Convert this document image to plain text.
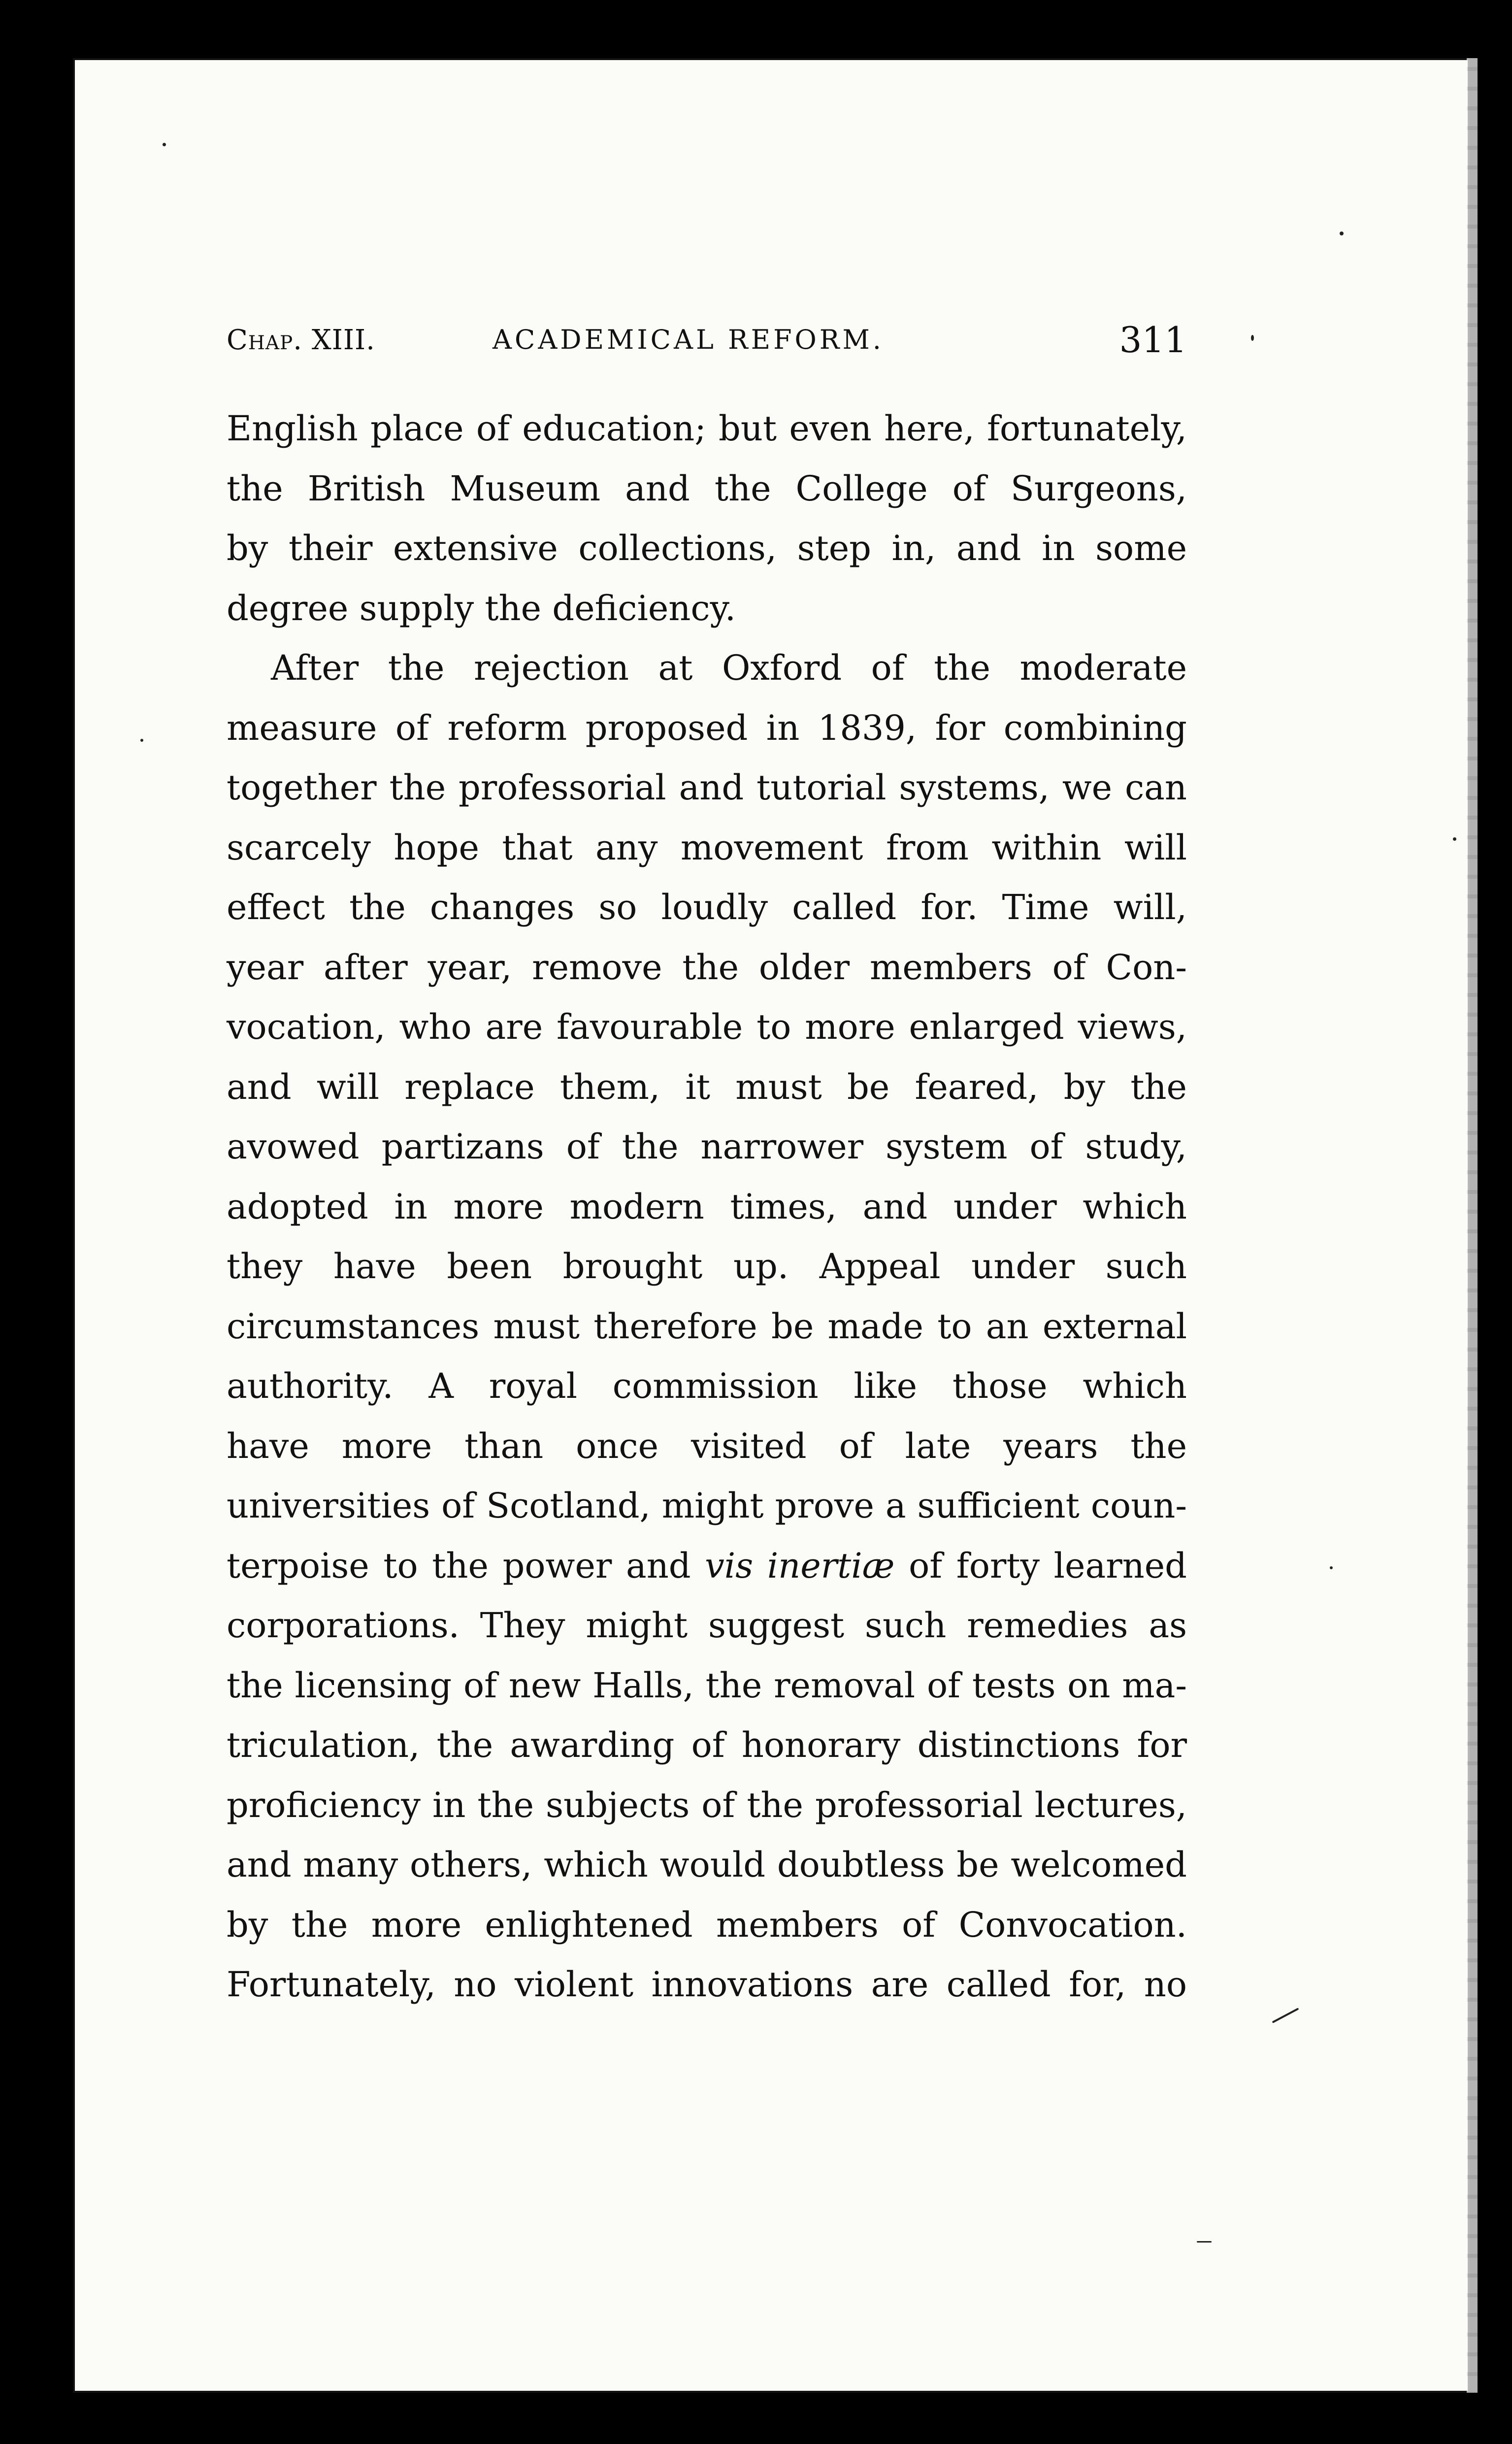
Chap. XIII.	ACADEMICAL REFORM.	311
English place of education; but even here, fortunately,
the British Museum and the College of Surgeons,
by their extensive collections, step in, and in some
degree supply the deficiency.
After the rejection at Oxford of the moderate
measure of reform proposed in 1839, for combining
together the professorial and tutorial systems, we can
scarcely hope that any movement from within will
effect the changes so loudly called for. Time will,
year after year, remove the older members of Con-
vocation, who are favourable to more enlarged views,
and will replace them, it must be feared, by the
avowed partizans of the narrower system of study,
adopted in more modern times, and under which
they have been brought up. Appeal under such
circumstances must therefore be made to an external
authority. A royal commission like those which
have more than once visited of late years the
universities of Scotland, might prove a sufficient coun-
terpoise to the power and vis inertiæ of forty learned
corporations. They might suggest such remedies as
the licensing of new Halls, the removal of tests on ma-
triculation, the awarding of honorary distinctions for
proficiency in the subjects of the professorial lectures,
and many others, which would doubtless be welcomed
by the more enlightened members of Convocation.
Fortunately, no violent innovations are called for, no
